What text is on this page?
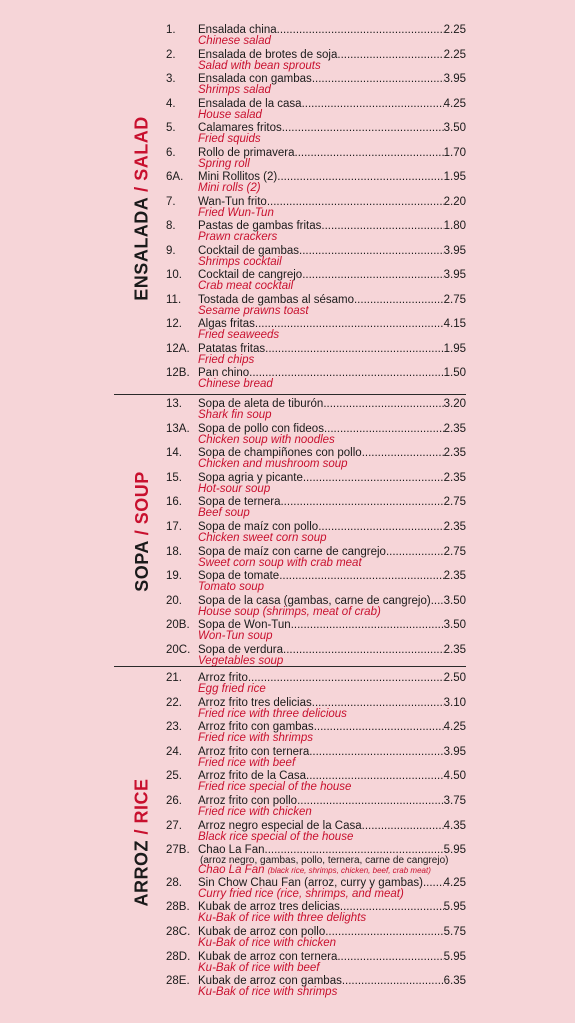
ENSALADA / SALAD
1. Ensalada china .....	2.25
Chinese salad
2. Ensalada de brotes de soja .....	2.25
Salad with bean sprouts
3. Ensalada con gambas .....	3.95
Shrimps salad
4. Ensalada de la casa .....	4.25
House salad
5. Calamares fritos .....	3.50
Fried squids
6. Rollo de primavera .....	1.70
Spring roll
6A. Mini Rollitos (2) .....	1.95
Mini rolls (2)
7. Wan-Tun frito .....	2.20
Fried Wun-Tun
8. Pastas de gambas fritas .....	1.80
Prawn crackers
9. Cocktail de gambas .....	3.95
Shrimps cocktail
10. Cocktail de cangrejo .....	3.95
Crab meat cocktail
11. Tostada de gambas al sésamo .....	2.75
Sesame prawns toast
12. Algas fritas .....	4.15
Fried seaweeds
12A. Patatas fritas .....	1.95
Fried chips
12B. Pan chino .....	1.50
Chinese bread
SOPA / SOUP
13. Sopa de aleta de tiburón .....	3.20
Shark fin soup
13A. Sopa de pollo con fideos .....	2.35
Chicken soup with noodles
14. Sopa de champiñones con pollo .....	2.35
Chicken and mushroom soup
15. Sopa agria y picante .....	2.35
Hot-sour soup
16. Sopa de ternera .....	2.75
Beef soup
17. Sopa de maíz con pollo .....	2.35
Chicken sweet corn soup
18. Sopa de maíz con carne de cangrejo .....	2.75
Sweet corn soup with crab meat
19. Sopa de tomate .....	2.35
Tomato soup
20. Sopa de la casa (gambas, carne de cangrejo) ..... 3.50
House soup (shrimps, meat of crab)
20B. Sopa de Won-Tun .....	3.50
Won-Tun soup
20C. Sopa de verdura .....	2.35
Vegetables soup
ARROZ / RICE
21. Arroz frito .....	2.50
Egg fried rice
22. Arroz frito tres delicias .....	3.10
Fried rice with three delicious
23. Arroz frito con gambas .....	4.25
Fried rice with shrimps
24. Arroz frito con ternera .....	3.95
Fried rice with beef
25. Arroz frito de la Casa .....	4.50
Fried rice special of the house
26. Arroz frito con pollo .....	3.75
Fried rice with chicken
27. Arroz negro especial de la Casa .....	4.35
Black rice special of the house
27B. Chao La Fan .....	5.95
(arroz negro, gambas, pollo, ternera, carne de cangrejo)
Chao La Fan (black rice, shrimps, chicken, beef, crab meat)
28. Sin Chow Chau Fan (arroz, curry y gambas) ..... 4.25
Curry fried rice (rice, shrimps, and meat)
28B. Kubak de arroz tres delicias .....	5.95
Ku-Bak of rice with three delights
28C. Kubak de arroz con pollo .....	5.75
Ku-Bak of rice with chicken
28D. Kubak de arroz con ternera .....	5.95
Ku-Bak of rice with beef
28E. Kubak de arroz con gambas .....	6.35
Ku-Bak of rice with shrimps
